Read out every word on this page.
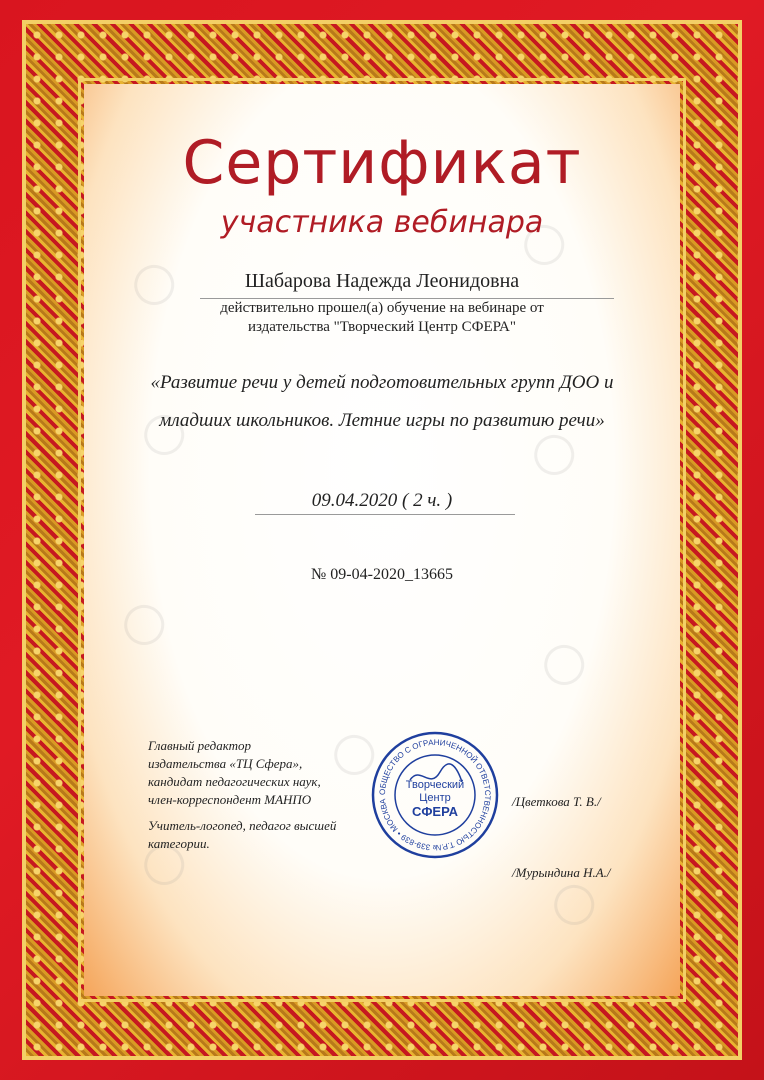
Сертификат
участника вебинара
Шабарова Надежда Леонидовна
действительно прошел(а) обучение на вебинаре от
издательства "Творческий Центр СФЕРА"
«Развитие речи у детей подготовительных групп ДОО и
младших школьников. Летние игры по развитию речи»
09.04.2020 ( 2 ч. )
№ 09-04-2020_13665
Главный редактор
издательства «ТЦ Сфера»,
кандидат педагогических наук,
член-корреспондент МАНПО
Учитель-логопед, педагог высшей
категории.
/Цветкова Т. В./
/Мурындина Н.А./
ОБЩЕСТВО С ОГРАНИЧЕННОЙ ОТВЕТСТВЕННОСТЬЮ Т.Р.№ 339-839 • МОСКВА
Творческий
Центр
СФЕРА
